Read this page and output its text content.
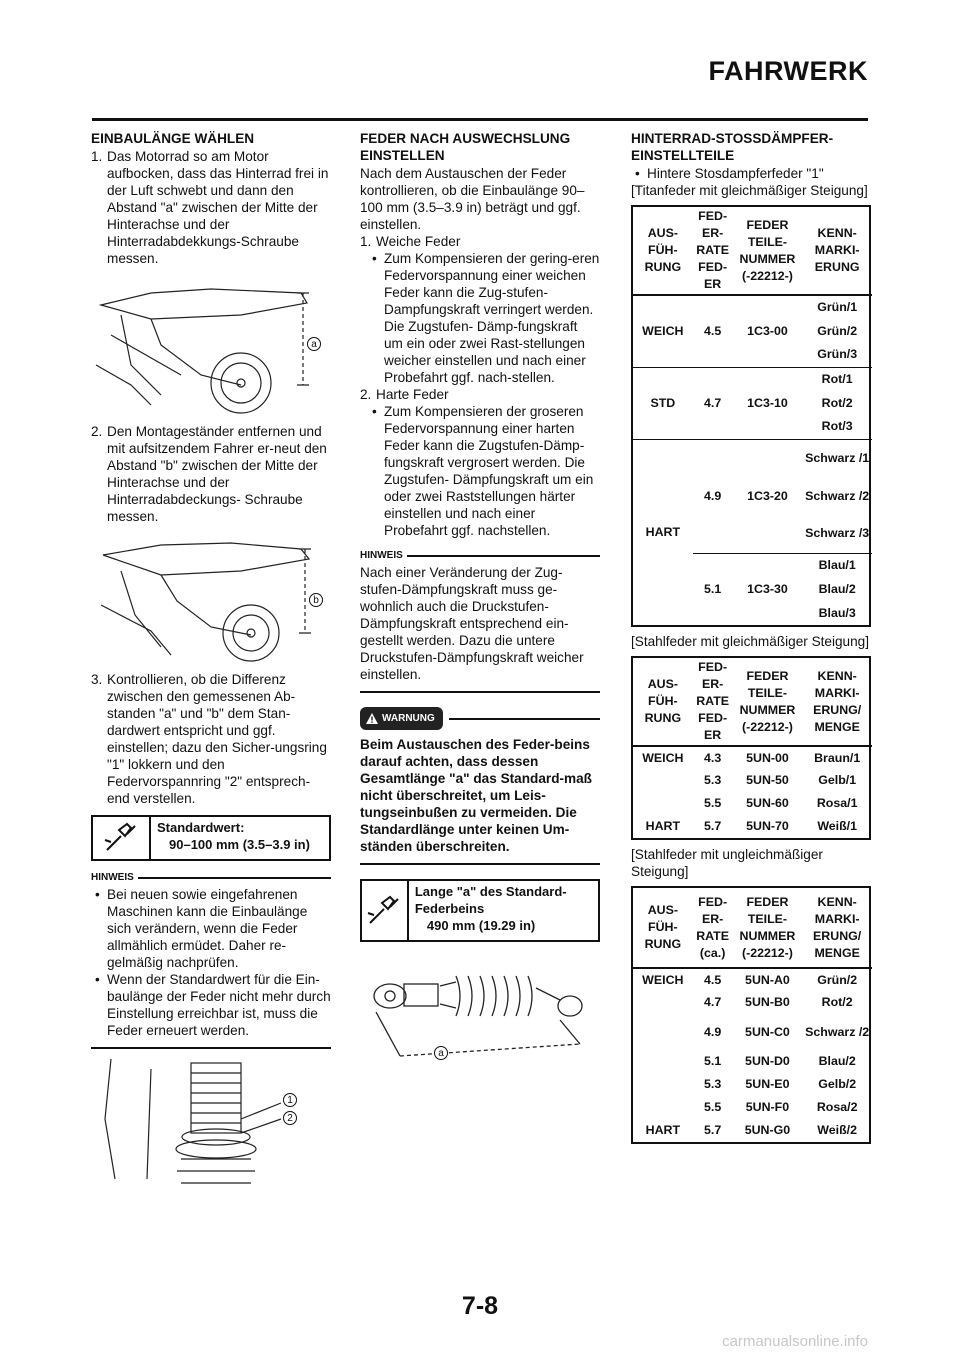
FAHRWERK
EINBAULÄNGE WÄHLEN

1. Das Motorrad so am Motor aufbocken, dass das Hinterrad frei in der Luft schwebt und dann den Abstand "a" zwischen der Mitte der Hinterachse und der Hinterradabdekkungs-Schraube messen.

a

2. Den Montageständer entfernen und mit aufsitzendem Fahrer er-neut den Abstand "b" zwischen der Mitte der Hinterachse und der Hinterradabdeckungs- Schraube messen.

b

3. Kontrollieren, ob die Differenz zwischen den gemessenen Ab-standen "a" und "b" dem Stan-dardwert entspricht und ggf. einstellen; dazu den Sicher-ungsring "1" lokkern und den Federvorspannring "2" entsprech-end verstellen.

Standardwert:
90–100 mm (3.5–3.9 in)
HINWEIS

• Bei neuen sowie eingefahrenen Maschinen kann die Einbaulänge sich verändern, wenn die Feder allmählich ermüdet. Daher re-gelmäßig nachprüfen.

• Wenn der Standardwert für die Ein-baulänge der Feder nicht mehr durch Einstellung erreichbar ist, muss die Feder erneuert werden.

1
2
FEDER NACH AUSWECHSLUNG EINSTELLEN

Nach dem Austauschen der Feder kontrollieren, ob die Einbaulänge 90–100 mm (3.5–3.9 in) beträgt und ggf. einstellen.

1. Weiche Feder

• Zum Kompensieren der gering-eren Federvorspannung einer weichen Feder kann die Zug-stufen-Dampfungskraft verringert werden. Die Zugstufen- Dämp-fungskraft um ein oder zwei Rast-stellungen weicher einstellen und nach einer Probefahrt ggf. nach-stellen.

2. Harte Feder

• Zum Kompensieren der groseren Federvorspannung einer harten Feder kann die Zugstufen-Dämp-fungskraft vergrosert werden. Die Zugstufen- Dämpfungskraft um ein oder zwei Raststellungen härter einstellen und nach einer Probefahrt ggf. nachstellen.

HINWEIS

Nach einer Veränderung der Zug-stufen-Dämpfungskraft muss ge-wohnlich auch die Druckstufen-Dämpfungskraft entsprechend ein-gestellt werden. Dazu die untere Druckstufen-Dämpfungskraft weicher einstellen.

WARNUNG

Beim Austauschen des Feder-beins darauf achten, dass dessen Gesamtlänge "a" das Standard-maß nicht überschreitet, um Leis-tungseinbußen zu vermeiden. Die Standardlänge unter keinen Um-ständen überschreiten.

Lange "a" des Standard-Federbeins
490 mm (19.29 in)
a
HINTERRAD-STOSSDÄMPFER-EINSTELLTEILE

• Hintere Stosdampferfeder "1"

[Titanfeder mit gleichmäßiger Steigung]

AUS-FÜH-RUNG	FED-ER-RATE FED-ER	FEDER TEILE-NUMMER (-22212-)	KENN-MARKI-ERUNG
WEICH	4.5	1C3-00	Grün/1
			Grün/2
			Grün/3
STD	4.7	1C3-10	Rot/1
			Rot/2
			Rot/3
HART	4.9	1C3-20	Schwarz /1
			Schwarz /2
			Schwarz /3
	5.1	1C3-30	Blau/1
			Blau/2
			Blau/3

[Stahlfeder mit gleichmäßiger Steigung]

AUS-FÜH-RUNG	FED-ER-RATE FED-ER	FEDER TEILE-NUMMER (-22212-)	KENN-MARKI-ERUNG/ MENGE
WEICH	4.3	5UN-00	Braun/1
	5.3	5UN-50	Gelb/1
	5.5	5UN-60	Rosa/1
HART	5.7	5UN-70	Weiß/1

[Stahlfeder mit ungleichmäßiger Steigung]

AUS-FÜH-RUNG	FED-ER-RATE (ca.)	FEDER TEILE-NUMMER (-22212-)	KENN-MARKI-ERUNG/ MENGE
WEICH	4.5	5UN-A0	Grün/2
	4.7	5UN-B0	Rot/2
	4.9	5UN-C0	Schwarz /2
	5.1	5UN-D0	Blau/2
	5.3	5UN-E0	Gelb/2
	5.5	5UN-F0	Rosa/2
HART	5.7	5UN-G0	Weiß/2
7-8
carmanualsonline.info
